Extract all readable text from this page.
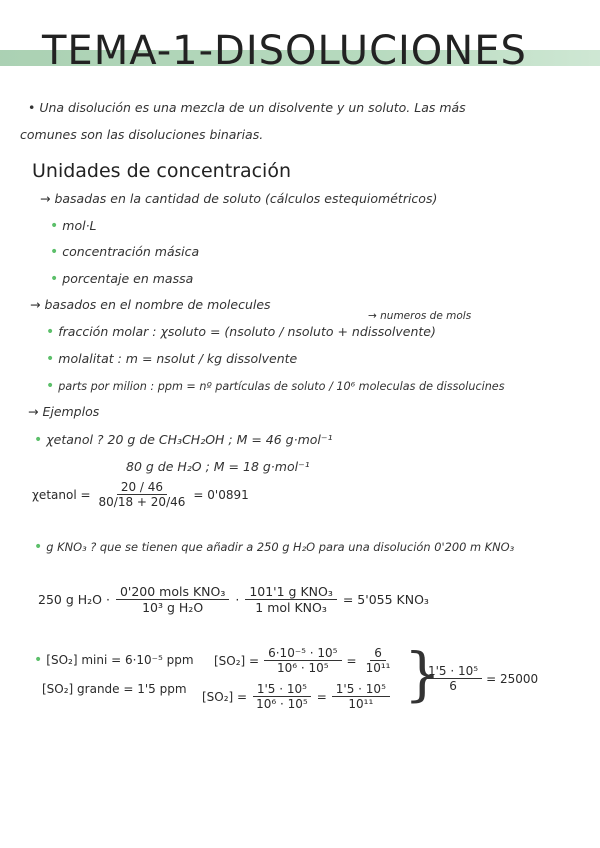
TEMA-1-DISOLUCIONES
• Una disolución es una mezcla de un disolvente y un soluto. Las más
comunes son las disoluciones binarias.
Unidades de concentración
→ basadas en la cantidad de soluto (cálculos estequiométricos)
• mol·L
• concentración másica
• porcentaje en massa
→ basados en el nombre de molecules
→ numeros de mols
• fracción molar : χsoluto = (nsoluto / nsoluto + ndissolvente)
• molalitat : m = nsolut / kg dissolvente
• parts por milion : ppm = nº partículas de soluto / 10⁶ moleculas de dissolucines
→ Ejemplos
• χetanol ? 20 g de CH₃CH₂OH ; M = 46 g·mol⁻¹
80 g de H₂O ; M = 18 g·mol⁻¹
χetanol = $\frac{20 / 46}{80/18 + 20/46} = 0'0891$
• g KNO₃ ? que se tienen que añadir a 250 g H₂O para una disolución 0'200 m KNO₃
250 g $H_2O \cdot \frac{\text{0'200 mols KNO₃}}{\text{10³ g H₂O}} \cdot \frac{\text{101'1 g KNO₃}}{\text{1 mol KNO₃}} = 5'055$ KNO₃
• [SO₂] mini = 6·10⁻⁵ ppm
[SO₂] grande = 1'5 ppm
$[SO_2] = \frac{\text{6·10⁻⁵ · 10⁵}}{\text{10⁶ · 10⁵}} = \frac{6}{\text{10¹¹}}$
$[SO_2] = \frac{\text{1'5 · 10⁵}}{\text{10⁶ · 10⁵}} = \frac{\text{1'5 · 10⁵}}{\text{10¹¹}}$ }
$\frac{\text{1'5 · 10⁵}}{6} = 25000$
